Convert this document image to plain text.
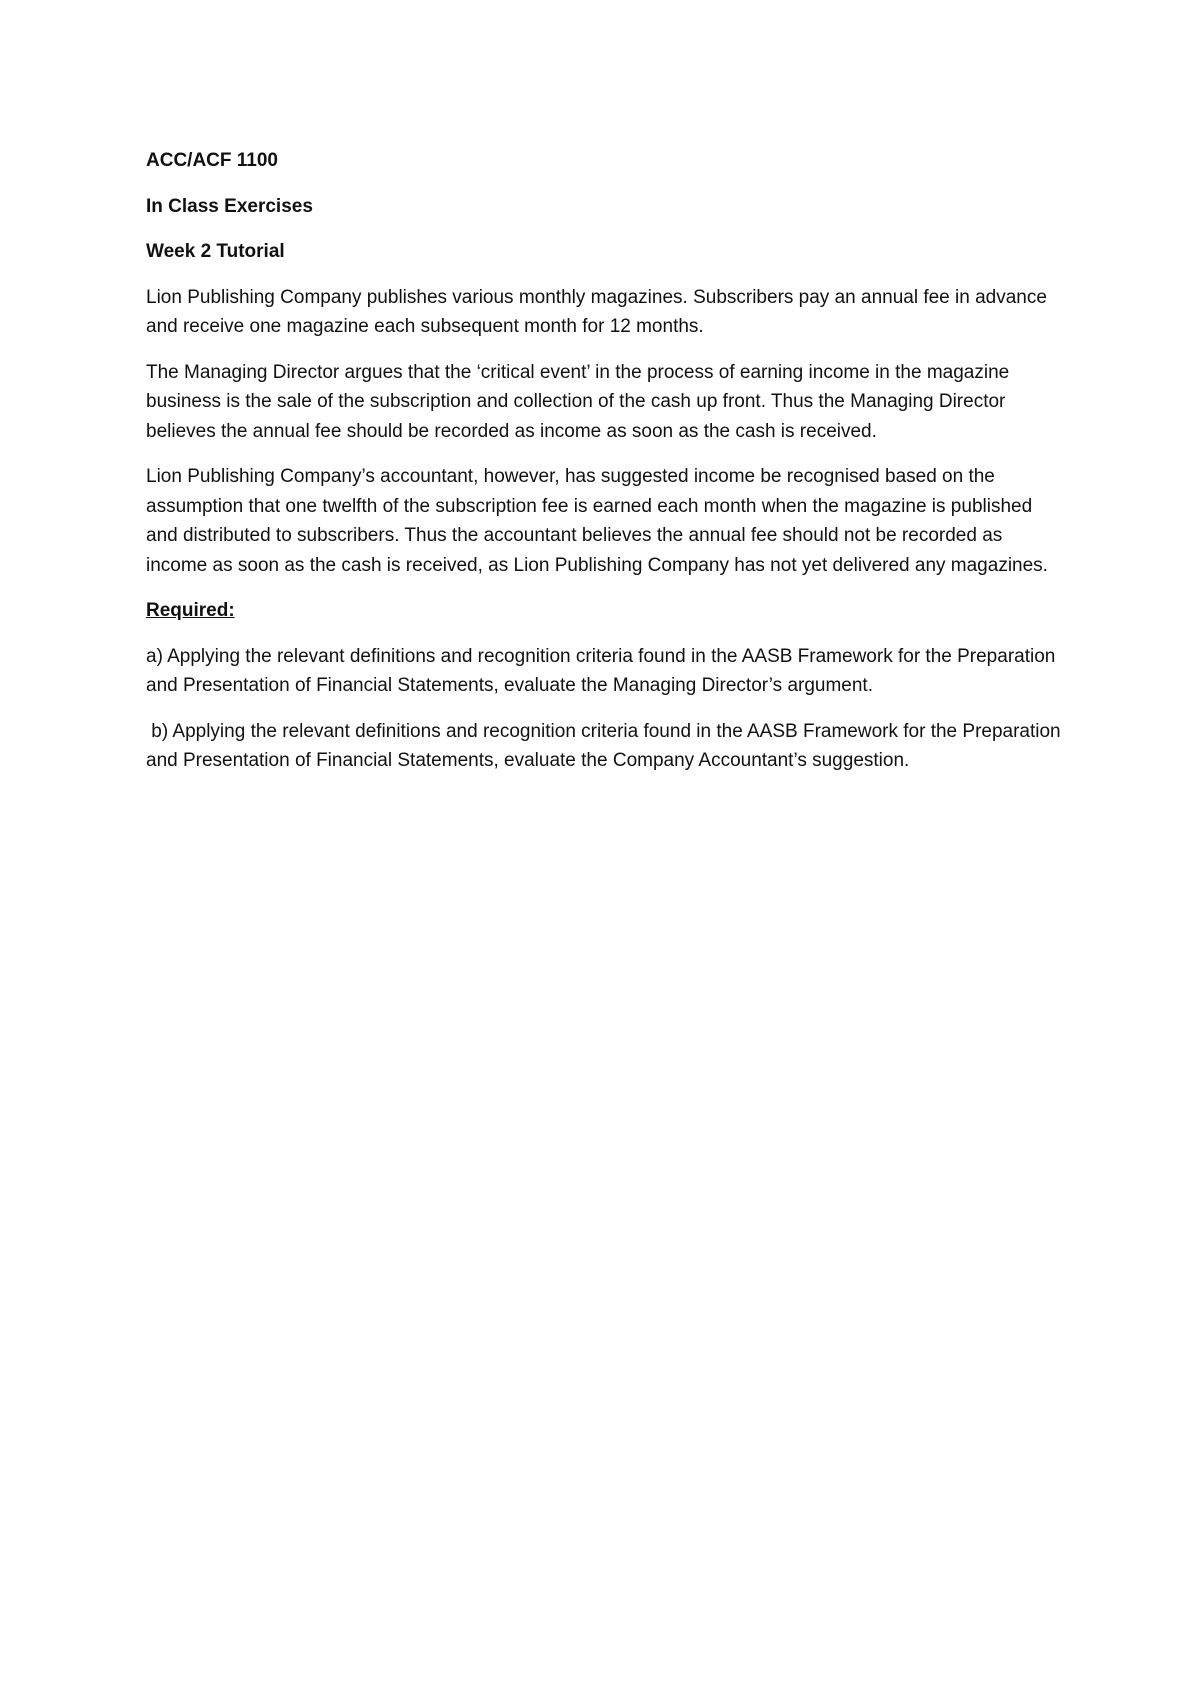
ACC/ACF 1100

In Class Exercises

Week 2 Tutorial

Lion Publishing Company publishes various monthly magazines. Subscribers pay an annual fee in advance and receive one magazine each subsequent month for 12 months.

The Managing Director argues that the ‘critical event’ in the process of earning income in the magazine business is the sale of the subscription and collection of the cash up front. Thus the Managing Director believes the annual fee should be recorded as income as soon as the cash is received.

Lion Publishing Company’s accountant, however, has suggested income be recognised based on the assumption that one twelfth of the subscription fee is earned each month when the magazine is published and distributed to subscribers. Thus the accountant believes the annual fee should not be recorded as income as soon as the cash is received, as Lion Publishing Company has not yet delivered any magazines.

Required:

a) Applying the relevant definitions and recognition criteria found in the AASB Framework for the Preparation and Presentation of Financial Statements, evaluate the Managing Director’s argument.

b) Applying the relevant definitions and recognition criteria found in the AASB Framework for the Preparation and Presentation of Financial Statements, evaluate the Company Accountant’s suggestion.
